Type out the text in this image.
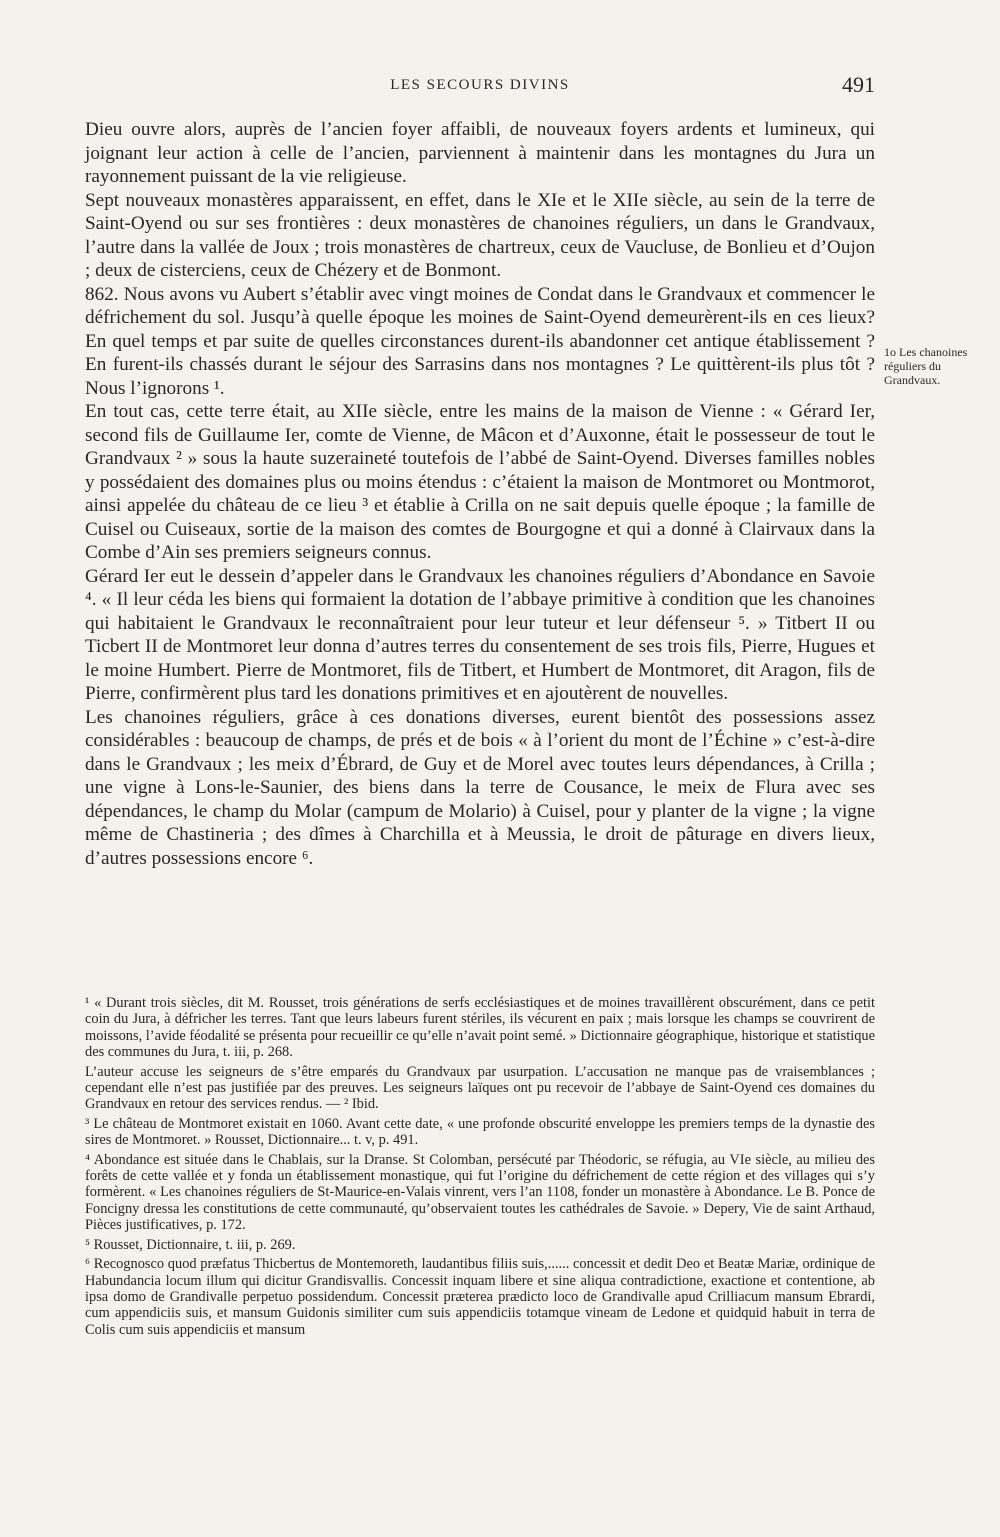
LES SECOURS DIVINS	491

Dieu ouvre alors, auprès de l’ancien foyer affaibli, de nouveaux foyers ardents et lumineux, qui joignant leur action à celle de l’ancien, parviennent à maintenir dans les montagnes du Jura un rayonnement puissant de la vie religieuse.

Sept nouveaux monastères apparaissent, en effet, dans le XIe et le XIIe siècle, au sein de la terre de Saint-Oyend ou sur ses frontières : deux monastères de chanoines réguliers, un dans le Grandvaux, l’autre dans la vallée de Joux ; trois monastères de chartreux, ceux de Vaucluse, de Bonlieu et d’Oujon ; deux de cisterciens, ceux de Chézery et de Bonmont.

862. Nous avons vu Aubert s’établir avec vingt moines de Condat dans le Grandvaux et commencer le défrichement du sol. Jusqu’à quelle époque les moines de Saint-Oyend demeurèrent-ils en ces lieux? En quel temps et par suite de quelles circonstances durent-ils abandonner cet antique établissement ? En furent-ils chassés durant le séjour des Sarrasins dans nos montagnes ? Le quittèrent-ils plus tôt ? Nous l’ignorons ¹.

En tout cas, cette terre était, au XIIe siècle, entre les mains de la maison de Vienne : « Gérard Ier, second fils de Guillaume Ier, comte de Vienne, de Mâcon et d’Auxonne, était le possesseur de tout le Grandvaux ² » sous la haute suzeraineté toutefois de l’abbé de Saint-Oyend. Diverses familles nobles y possédaient des domaines plus ou moins étendus : c’étaient la maison de Montmoret ou Montmorot, ainsi appelée du château de ce lieu ³ et établie à Crilla on ne sait depuis quelle époque ; la famille de Cuisel ou Cuiseaux, sortie de la maison des comtes de Bourgogne et qui a donné à Clairvaux dans la Combe d’Ain ses premiers seigneurs connus.

Gérard Ier eut le dessein d’appeler dans le Grandvaux les chanoines réguliers d’Abondance en Savoie ⁴. « Il leur céda les biens qui formaient la dotation de l’abbaye primitive à condition que les chanoines qui habitaient le Grandvaux le reconnaîtraient pour leur tuteur et leur défenseur ⁵. » Titbert II ou Ticbert II de Montmoret leur donna d’autres terres du consentement de ses trois fils, Pierre, Hugues et le moine Humbert. Pierre de Montmoret, fils de Titbert, et Humbert de Montmoret, dit Aragon, fils de Pierre, confirmèrent plus tard les donations primitives et en ajoutèrent de nouvelles.

Les chanoines réguliers, grâce à ces donations diverses, eurent bientôt des possessions assez considérables : beaucoup de champs, de prés et de bois « à l’orient du mont de l’Échine » c’est-à-dire dans le Grandvaux ; les meix d’Ébrard, de Guy et de Morel avec toutes leurs dépendances, à Crilla ; une vigne à Lons-le-Saunier, des biens dans la terre de Cousance, le meix de Flura avec ses dépendances, le champ du Molar (campum de Molario) à Cuisel, pour y planter de la vigne ; la vigne même de Chastineria ; des dîmes à Charchilla et à Meussia, le droit de pâturage en divers lieux, d’autres possessions encore ⁶.

1o Les chanoines réguliers du Grandvaux.

¹ « Durant trois siècles, dit M. Rousset, trois générations de serfs ecclésiastiques et de moines travaillèrent obscurément, dans ce petit coin du Jura, à défricher les terres. Tant que leurs labeurs furent stériles, ils vécurent en paix ; mais lorsque les champs se couvrirent de moissons, l’avide féodalité se présenta pour recueillir ce qu’elle n’avait point semé. » Dictionnaire géographique, historique et statistique des communes du Jura, t. iii, p. 268.

L’auteur accuse les seigneurs de s’être emparés du Grandvaux par usurpation. L’accusation ne manque pas de vraisemblances ; cependant elle n’est pas justifiée par des preuves. Les seigneurs laïques ont pu recevoir de l’abbaye de Saint-Oyend ces domaines du Grandvaux en retour des services rendus. — ² Ibid.

³ Le château de Montmoret existait en 1060. Avant cette date, « une profonde obscurité enveloppe les premiers temps de la dynastie des sires de Montmoret. » Rousset, Dictionnaire... t. v, p. 491.

⁴ Abondance est située dans le Chablais, sur la Dranse. St Colomban, persécuté par Théodoric, se réfugia, au VIe siècle, au milieu des forêts de cette vallée et y fonda un établissement monastique, qui fut l’origine du défrichement de cette région et des villages qui s’y formèrent. « Les chanoines réguliers de St-Maurice-en-Valais vinrent, vers l’an 1108, fonder un monastère à Abondance. Le B. Ponce de Foncigny dressa les constitutions de cette communauté, qu’observaient toutes les cathédrales de Savoie. » Depery, Vie de saint Arthaud, Pièces justificatives, p. 172.

⁵ Rousset, Dictionnaire, t. iii, p. 269.

⁶ Recognosco quod præfatus Thicbertus de Montemoreth, laudantibus filiis suis,...... concessit et dedit Deo et Beatæ Mariæ, ordinique de Habundancia locum illum qui dicitur Grandisvallis. Concessit inquam libere et sine aliqua contradictione, exactione et contentione, ab ipsa domo de Grandivalle perpetuo possidendum. Concessit præterea prædicto loco de Grandivalle apud Crilliacum mansum Ebrardi, cum appendiciis suis, et mansum Guidonis similiter cum suis appendiciis totamque vineam de Ledone et quidquid habuit in terra de Colis cum suis appendiciis et mansum
